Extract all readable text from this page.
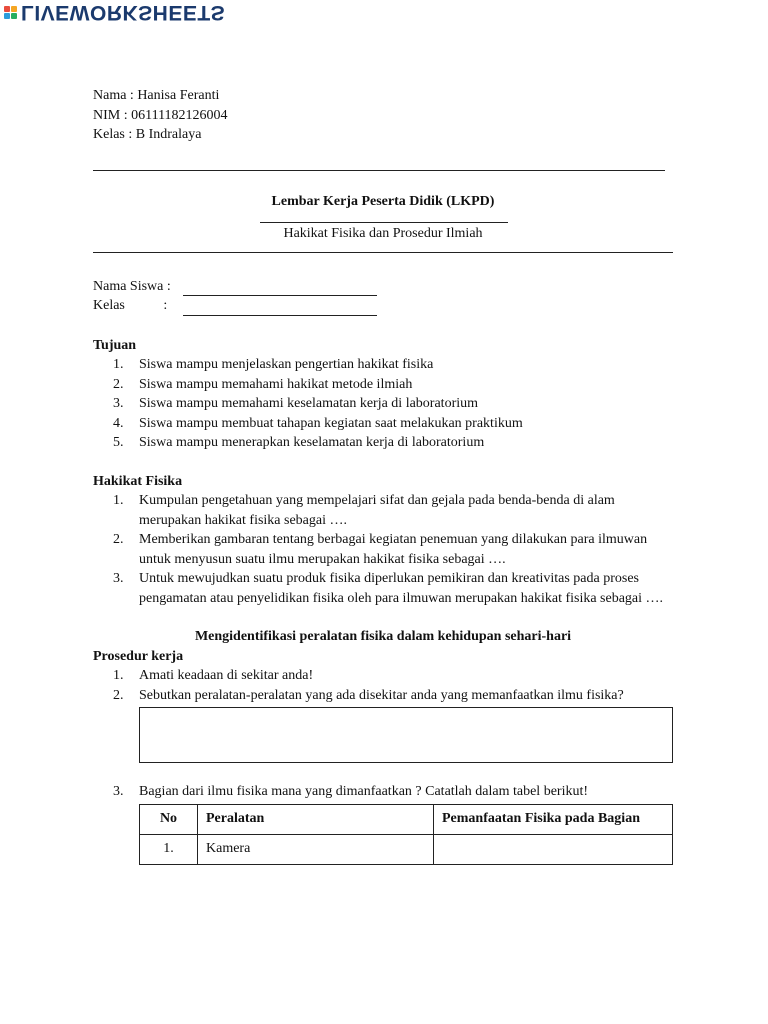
LIVEWORKSHEETS

Nama : Hanisa Feranti

NIM : 06111182126004

Kelas : B Indralaya

Lembar Kerja Peserta Didik (LKPD)

Hakikat Fisika dan Prosedur Ilmiah

Nama Siswa :
Kelas           :

Tujuan

1.	Siswa mampu menjelaskan pengertian hakikat fisika
2.	Siswa mampu memahami hakikat metode ilmiah
3.	Siswa mampu memahami keselamatan kerja di laboratorium
4.	Siswa mampu membuat tahapan kegiatan saat melakukan praktikum
5.	Siswa mampu menerapkan keselamatan kerja di laboratorium

Hakikat Fisika

1.	Kumpulan pengetahuan yang mempelajari sifat dan gejala pada benda-benda di alam merupakan hakikat fisika sebagai ….
2.	Memberikan gambaran tentang berbagai kegiatan penemuan yang dilakukan para ilmuwan untuk menyusun suatu ilmu merupakan hakikat fisika sebagai ….
3.	Untuk mewujudkan suatu produk fisika diperlukan pemikiran dan kreativitas pada proses pengamatan atau penyelidikan fisika oleh para ilmuwan merupakan hakikat fisika sebagai ….

Mengidentifikasi peralatan fisika dalam kehidupan sehari-hari

Prosedur kerja

1.	Amati keadaan di sekitar anda!
2.	Sebutkan peralatan-peralatan yang ada disekitar anda yang memanfaatkan ilmu fisika?
3.	Bagian dari ilmu fisika mana yang dimanfaatkan ? Catatlah dalam tabel berikut!
No	Peralatan	Pemanfaatan Fisika pada Bagian
1.	Kamera	
